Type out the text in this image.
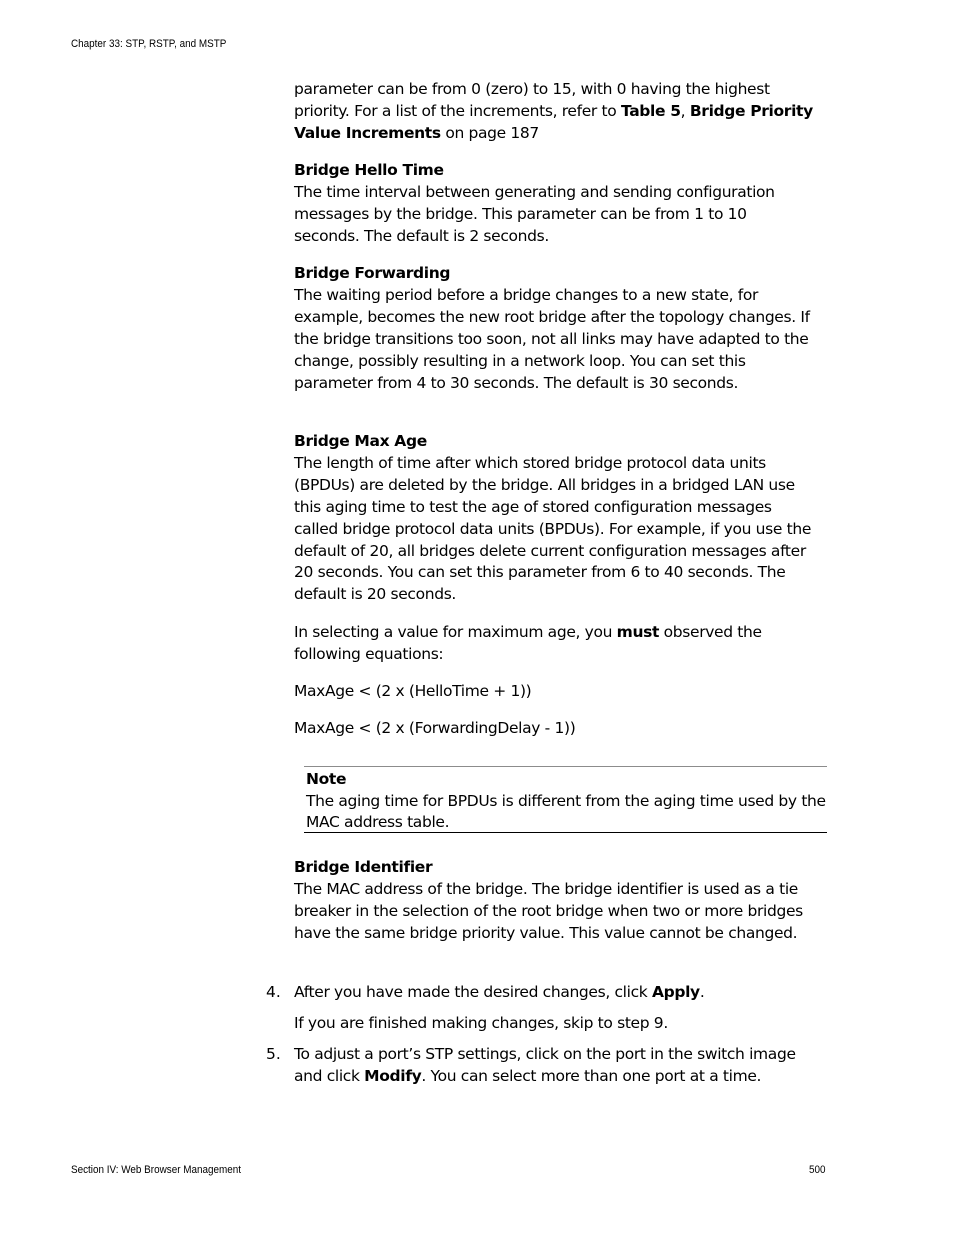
Chapter 33: STP, RSTP, and MSTP

parameter can be from 0 (zero) to 15, with 0 having the highest priority. For a list of the increments, refer to Table 5, Bridge Priority Value Increments on page 187

Bridge Hello Time

The time interval between generating and sending configuration messages by the bridge. This parameter can be from 1 to 10 seconds. The default is 2 seconds.

Bridge Forwarding

The waiting period before a bridge changes to a new state, for example, becomes the new root bridge after the topology changes. If the bridge transitions too soon, not all links may have adapted to the change, possibly resulting in a network loop. You can set this parameter from 4 to 30 seconds. The default is 30 seconds.

Bridge Max Age

The length of time after which stored bridge protocol data units (BPDUs) are deleted by the bridge. All bridges in a bridged LAN use this aging time to test the age of stored configuration messages called bridge protocol data units (BPDUs). For example, if you use the default of 20, all bridges delete current configuration messages after 20 seconds. You can set this parameter from 6 to 40 seconds. The default is 20 seconds.

In selecting a value for maximum age, you must observed the following equations:

MaxAge < (2 x (HelloTime + 1))
MaxAge < (2 x (ForwardingDelay - 1))
Note
The aging time for BPDUs is different from the aging time used by the MAC address table.

Bridge Identifier

The MAC address of the bridge. The bridge identifier is used as a tie breaker in the selection of the root bridge when two or more bridges have the same bridge priority value. This value cannot be changed.

4. After you have made the desired changes, click Apply.

If you are finished making changes, skip to step 9.
5. To adjust a port’s STP settings, click on the port in the switch image and click Modify. You can select more than one port at a time.

Section IV: Web Browser Management	500
